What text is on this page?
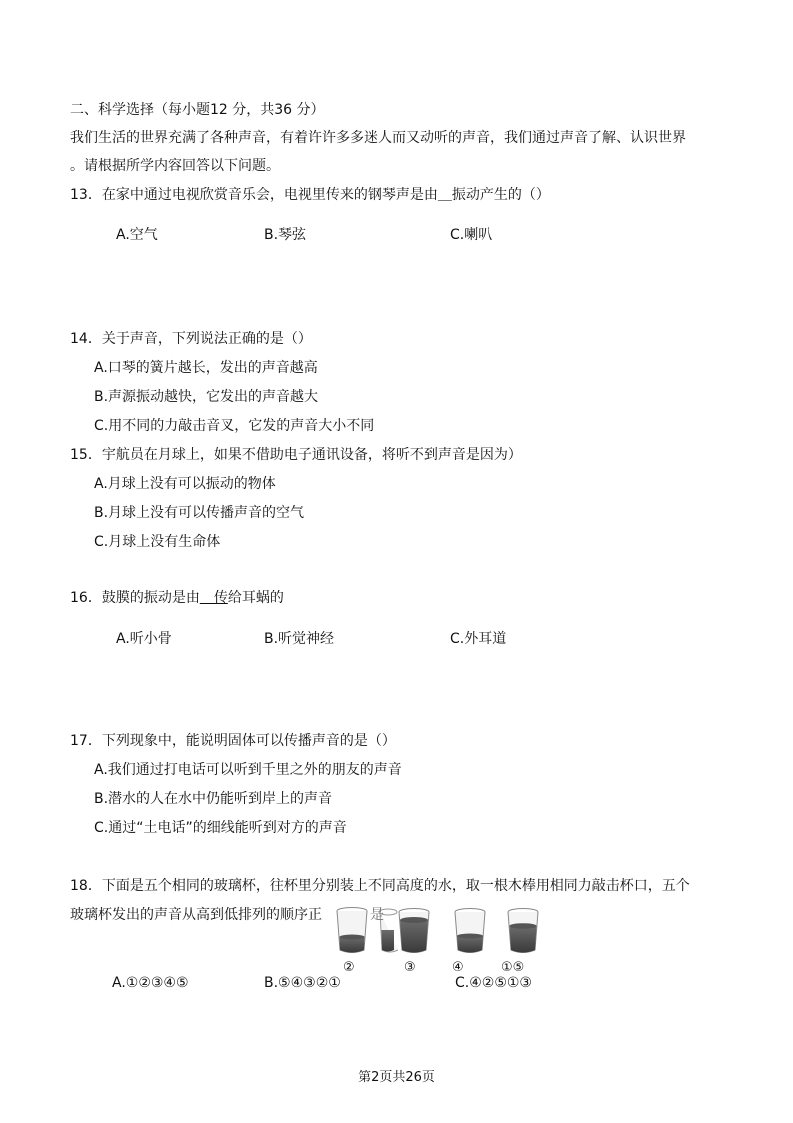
二、科学选择（每小题12 分，共36 分）
我们生活的世界充满了各种声音，有着许许多多迷人而又动听的声音，我们通过声音了解、认识世界
。请根据所学内容回答以下问题。
13．在家中通过电视欣赏音乐会，电视里传来的钢琴声是由＿振动产生的（）
A.空气	B.琴弦	C.喇叭
14．关于声音，下列说法正确的是（）
A.口琴的簧片越长，发出的声音越高
B.声源振动越快，它发出的声音越大
C.用不同的力敲击音叉，它发的声音大小不同
15．宇航员在月球上，如果不借助电子通讯设备，将听不到声音是因为）
A.月球上没有可以振动的物体
B.月球上没有可以传播声音的空气
C.月球上没有生命体
16．鼓膜的振动是由＿传给耳蜗的
A.听小骨	B.听觉神经	C.外耳道
17．下列现象中，能说明固体可以传播声音的是（）
A.我们通过打电话可以听到千里之外的朋友的声音
B.潜水的人在水中仍能听到岸上的声音
C.通过“土电话”的细线能听到对方的声音
18．下面是五个相同的玻璃杯，往杯里分别装上不同高度的水，取一根木棒用相同力敲击杯口，五个
玻璃杯发出的声音从高到低排列的顺序正	是
②	③	④	①⑤
A.①②③④⑤	B.⑤④③②①	C.④②⑤①③
第2页共26页
